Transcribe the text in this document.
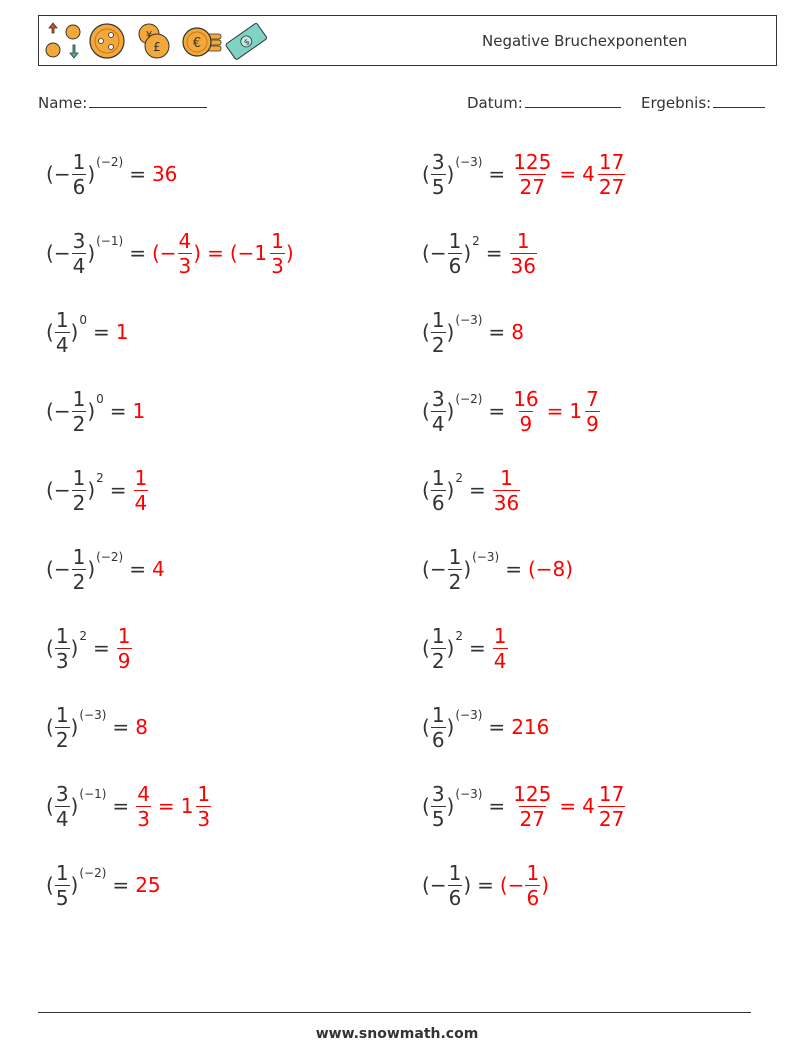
£
¥
€	$	Negative Bruchexponenten
Name:	Datum:	Ergebnis:
( − $\frac{1}{6}$ ) (−2) = 36	( $\frac{3}{5}$ ) $(-3) = \frac{125}{27} = 4 \frac{17}{27}$
( − $\frac{3}{4}$ ) (−1) = (− $\frac{4}{3}$ ) = ($-1 \frac{1}{3}$ )	( − $\frac{1}{6}$ ) $2 = \frac{1}{36}$
( $\frac{1}{4}$ ) 0 = 1	( $\frac{1}{2}$ ) (−3) = 8
( − $\frac{1}{2}$ ) 0 = 1	( $\frac{3}{4}$ ) $(-2) = \frac{16}{9} = 1 \frac{7}{9}$
( − $\frac{1}{2}$ ) $2 = \frac{1}{4}$	( $\frac{1}{6}$ ) $2 = \frac{1}{36}$
( − $\frac{1}{2}$ ) (−2) = 4	( − $\frac{1}{2}$ ) (−3) = (−8)
( $\frac{1}{3}$ ) $2 = \frac{1}{9}$	( $\frac{1}{2}$ ) $2 = \frac{1}{4}$
( $\frac{1}{2}$ ) (−3) = 8	( $\frac{1}{6}$ ) (−3) = 216
( $\frac{3}{4}$ ) $(-1) = \frac{4}{3} = 1 \frac{1}{3}$	( $\frac{3}{5}$ ) $(-3) = \frac{125}{27} = 4 \frac{17}{27}$
( $\frac{1}{5}$ ) (−2) = 25	( − $\frac{1}{6}$ ) = (− $\frac{1}{6}$ )
www.snowmath.com
